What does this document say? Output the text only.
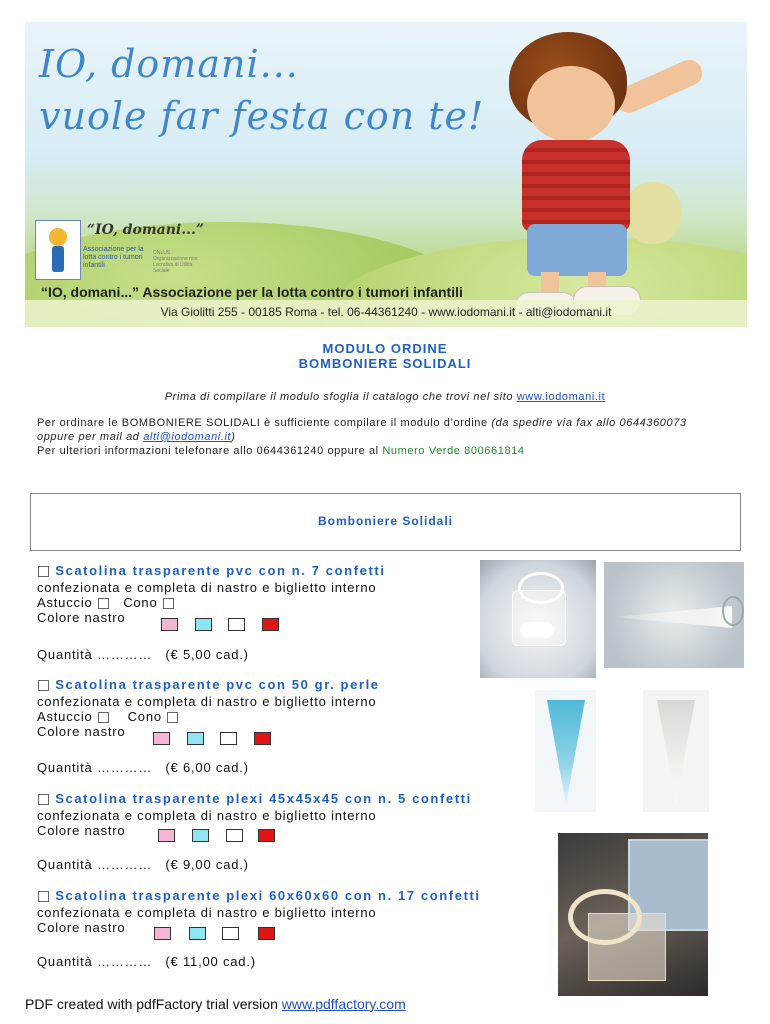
IO, domani...
vuole far festa con te!
“IO, domani...”
Associazione per la lotta contro i tumori infantili
ONLUS Organizzazione non Lucrativa di Utilità Sociale
“IO, domani...” Associazione per la lotta contro i tumori infantili
Via Giolitti 255 - 00185 Roma - tel. 06-44361240 - www.iodomani.it - alti@iodomani.it
MODULO ORDINE
BOMBONIERE SOLIDALI
Prima di compilare il modulo sfoglia il catalogo che trovi nel sito www.iodomani.it
Per ordinare le BOMBONIERE SOLIDALI è sufficiente compilare il modulo d’ordine (da spedire via fax allo 0644360073
oppure per mail ad alti@iodomani.it)
Per ulteriori informazioni telefonare allo 0644361240 oppure al Numero Verde 800661814
Bomboniere Solidali
Scatolina trasparente pvc con n. 7 confetti
confezionata e completa di nastro e biglietto interno
Astuccio Cono
Colore nastro
Quantità ………… (€ 5,00 cad.)
Scatolina trasparente pvc con 50 gr. perle
confezionata e completa di nastro e biglietto interno
Astuccio	Cono
Colore nastro
Quantità ………… (€ 6,00 cad.)
Scatolina trasparente plexi 45x45x45 con n. 5 confetti
confezionata e completa di nastro e biglietto interno
Colore nastro
Quantità ………… (€ 9,00 cad.)
Scatolina trasparente plexi 60x60x60 con n. 17 confetti
confezionata e completa di nastro e biglietto interno
Colore nastro
Quantità ………… (€ 11,00 cad.)
PDF created with pdfFactory trial version www.pdffactory.com
